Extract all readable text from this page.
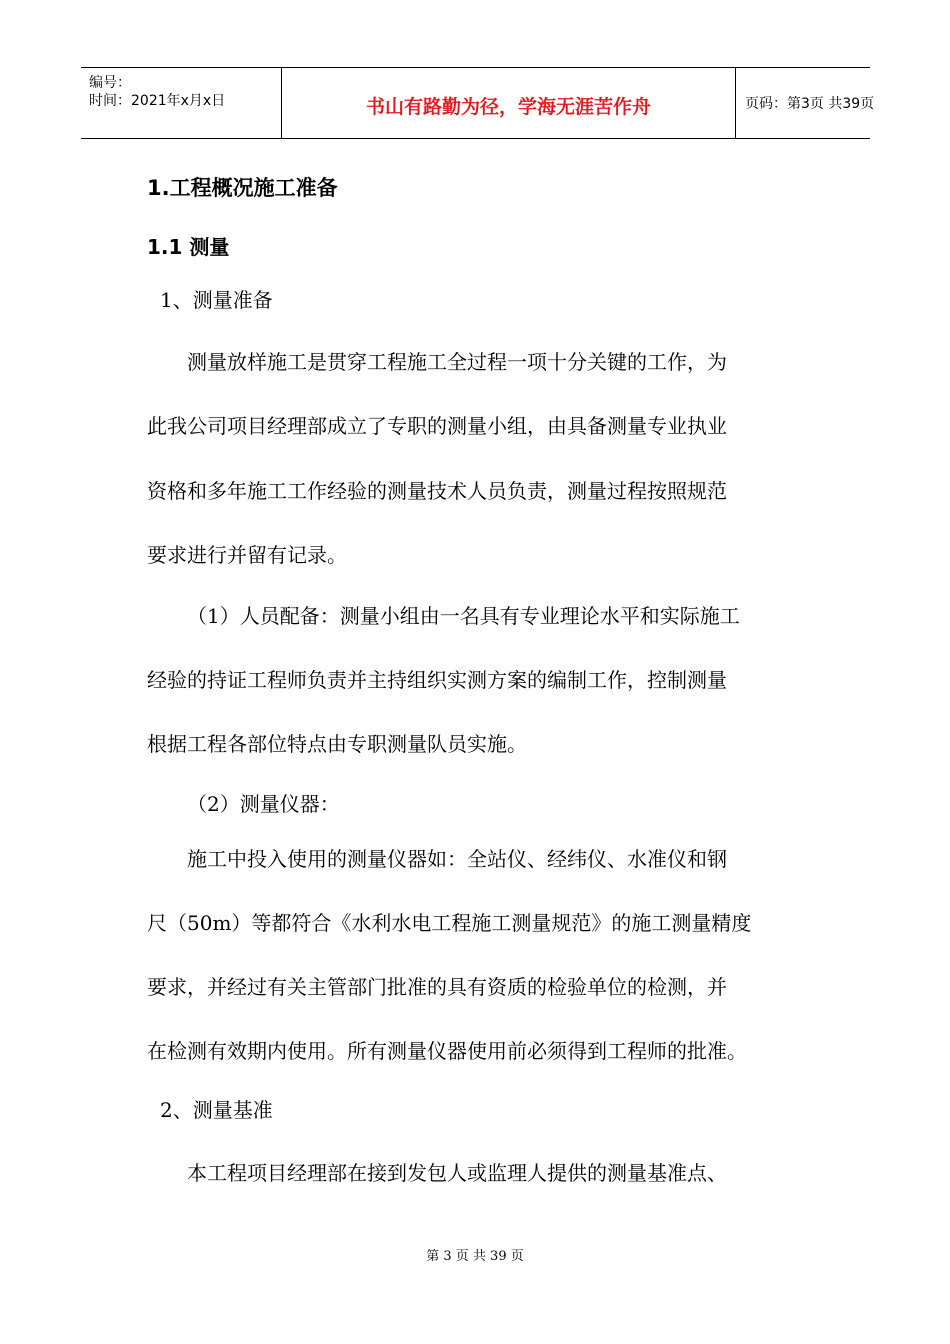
编号：
时间：2021年x月x日	书山有路勤为径，学海无涯苦作舟	页码：第3页 共39页
1.工程概况施工准备
1.1 测量
1、测量准备
测量放样施工是贯穿工程施工全过程一项十分关键的工作，为
此我公司项目经理部成立了专职的测量小组，由具备测量专业执业
资格和多年施工工作经验的测量技术人员负责，测量过程按照规范
要求进行并留有记录。
（1）人员配备：测量小组由一名具有专业理论水平和实际施工
经验的持证工程师负责并主持组织实测方案的编制工作，控制测量
根据工程各部位特点由专职测量队员实施。
（2）测量仪器：
施工中投入使用的测量仪器如：全站仪、经纬仪、水准仪和钢
尺（50m）等都符合《水利水电工程施工测量规范》的施工测量精度
要求，并经过有关主管部门批准的具有资质的检验单位的检测，并
在检测有效期内使用。所有测量仪器使用前必须得到工程师的批准。
2、测量基准
本工程项目经理部在接到发包人或监理人提供的测量基准点、
第 3 页 共 39 页
